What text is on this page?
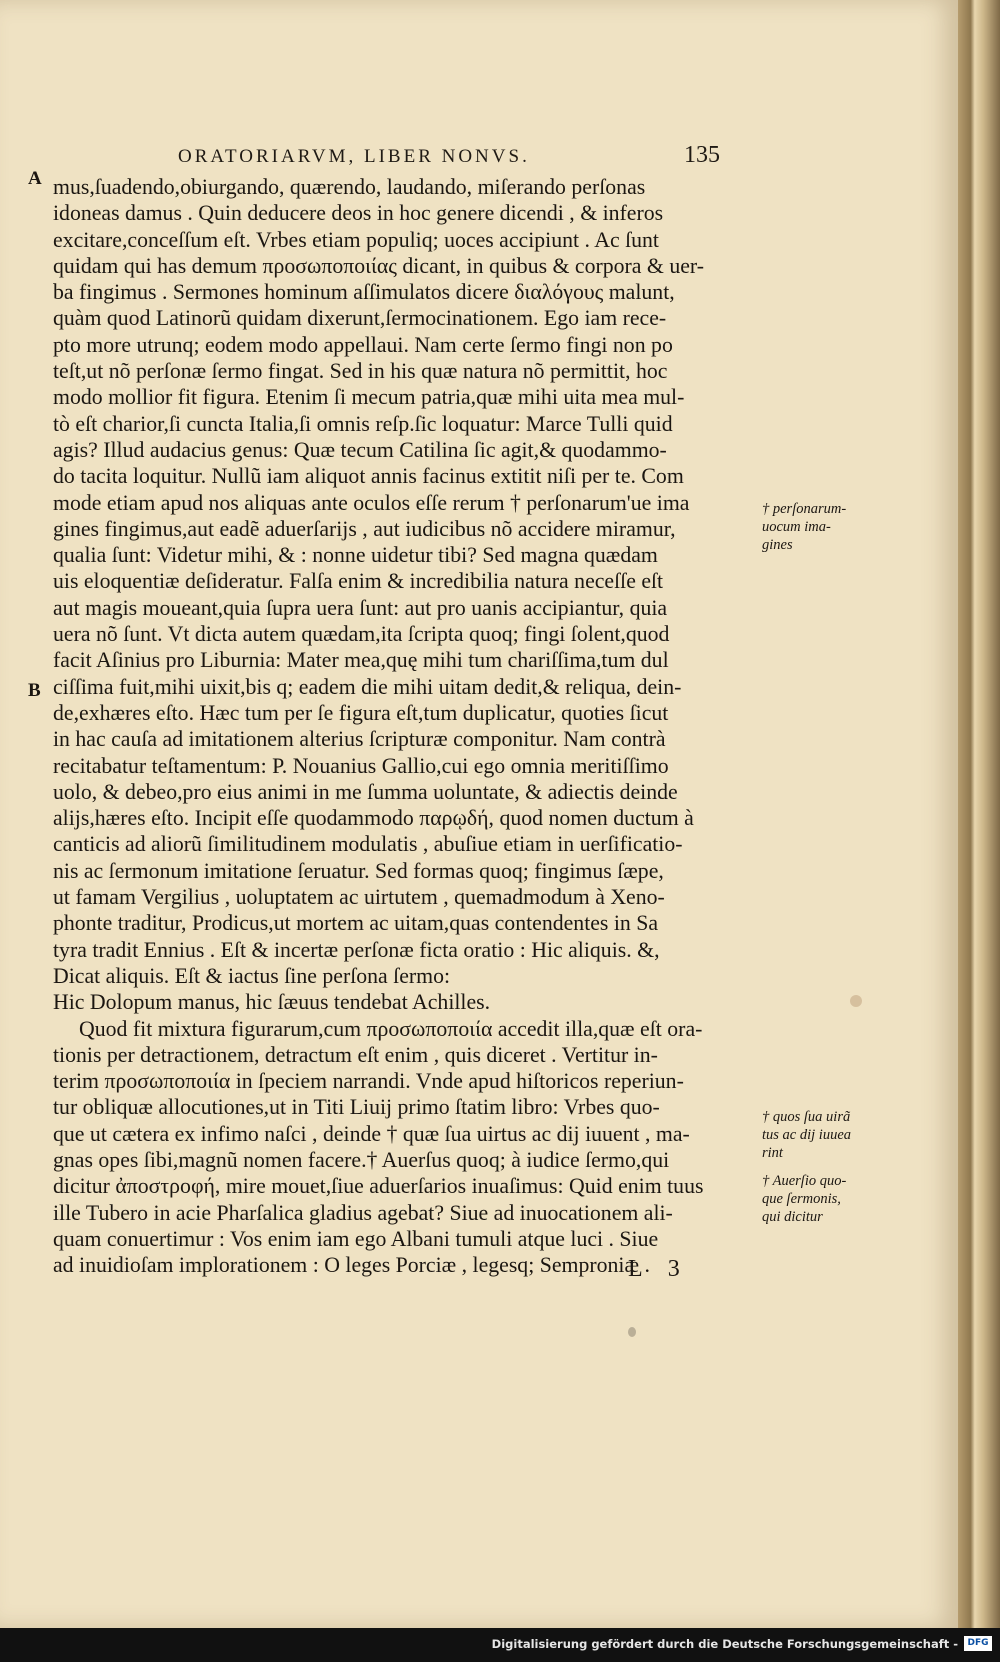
ORATORIARVM, LIBER NONVS.	135
A
B
mus,ſuadendo,obiurgando, quærendo, laudando, miſerando perſonas
idoneas damus . Quin deducere deos in hoc genere dicendi , & inferos
excitare,conceſſum eſt. Vrbes etiam populiq; uoces accipiunt . Ac ſunt
quidam qui has demum προσωποποιίας dicant, in quibus & corpora & uer-
ba fingimus . Sermones hominum aſſimulatos dicere διαλόγους malunt,
quàm quod Latinorũ quidam dixerunt,ſermocinationem. Ego iam rece-
pto more utrunq; eodem modo appellaui. Nam certe ſermo fingi non po
teſt,ut nõ perſonæ ſermo fingat. Sed in his quæ natura nõ permittit, hoc
modo mollior fit figura. Etenim ſi mecum patria,quæ mihi uita mea mul-
tò eſt charior,ſi cuncta Italia,ſi omnis reſp.ſic loquatur: Marce Tulli quid
agis? Illud audacius genus: Quæ tecum Catilina ſic agit,& quodammo-
do tacita loquitur. Nullũ iam aliquot annis facinus extitit niſi per te. Com
mode etiam apud nos aliquas ante oculos eſſe rerum † perſonarum'ue ima
gines fingimus,aut eadẽ aduerſarijs , aut iudicibus nõ accidere miramur,
qualia ſunt: Videtur mihi, & : nonne uidetur tibi? Sed magna quædam
uis eloquentiæ deſideratur. Falſa enim & incredibilia natura neceſſe eſt
aut magis moueant,quia ſupra uera ſunt: aut pro uanis accipiantur, quia
uera nõ ſunt. Vt dicta autem quædam,ita ſcripta quoq; fingi ſolent,quod
facit Aſinius pro Liburnia: Mater mea,quę mihi tum chariſſima,tum dul
ciſſima fuit,mihi uixit,bis q; eadem die mihi uitam dedit,& reliqua, dein-
de,exhæres eſto. Hæc tum per ſe figura eſt,tum duplicatur, quoties ſicut
in hac cauſa ad imitationem alterius ſcripturæ componitur. Nam contrà
recitabatur teſtamentum: P. Nouanius Gallio,cui ego omnia meritiſſimo
uolo, & debeo,pro eius animi in me ſumma uoluntate, & adiectis deinde
alijs,hæres eſto. Incipit eſſe quodammodo παρῳδή, quod nomen ductum à
canticis ad aliorũ ſimilitudinem modulatis , abuſiue etiam in uerſificatio-
nis ac ſermonum imitatione ſeruatur. Sed formas quoq; fingimus ſæpe,
ut famam Vergilius , uoluptatem ac uirtutem , quemadmodum à Xeno-
phonte traditur, Prodicus,ut mortem ac uitam,quas contendentes in Sa
tyra tradit Ennius . Eſt & incertæ perſonæ ficta oratio : Hic aliquis. &,
Dicat aliquis. Eſt & iactus ſine perſona ſermo:
Hic Dolopum manus, hic ſæuus tendebat Achilles.
Quod fit mixtura figurarum,cum προσωποποιία accedit illa,quæ eſt ora-
tionis per detractionem, detractum eſt enim , quis diceret . Vertitur in-
terim προσωποποιία in ſpeciem narrandi. Vnde apud hiſtoricos reperiun-
tur obliquæ allocutiones,ut in Titi Liuij primo ſtatim libro: Vrbes quo-
que ut cætera ex infimo naſci , deinde † quæ ſua uirtus ac dij iuuent , ma-
gnas opes ſibi,magnũ nomen facere.† Auerſus quoq; à iudice ſermo,qui
dicitur ἀποστροφή, mire mouet,ſiue aduerſarios inuaſimus: Quid enim tuus
ille Tubero in acie Pharſalica gladius agebat? Siue ad inuocationem ali-
quam conuertimur : Vos enim iam ego Albani tumuli atque luci . Siue
ad inuidioſam implorationem : O leges Porciæ , legesq; Semproniæ .
† perſonarum-
uocum ima-
gines
† quos ſua uirã
tus ac dij iuuea
rint
† Auerſio quo-
que ſermonis,
qui dicitur
L 3
Digitalisierung gefördert durch die Deutsche Forschungsgemeinschaft -	DFG
